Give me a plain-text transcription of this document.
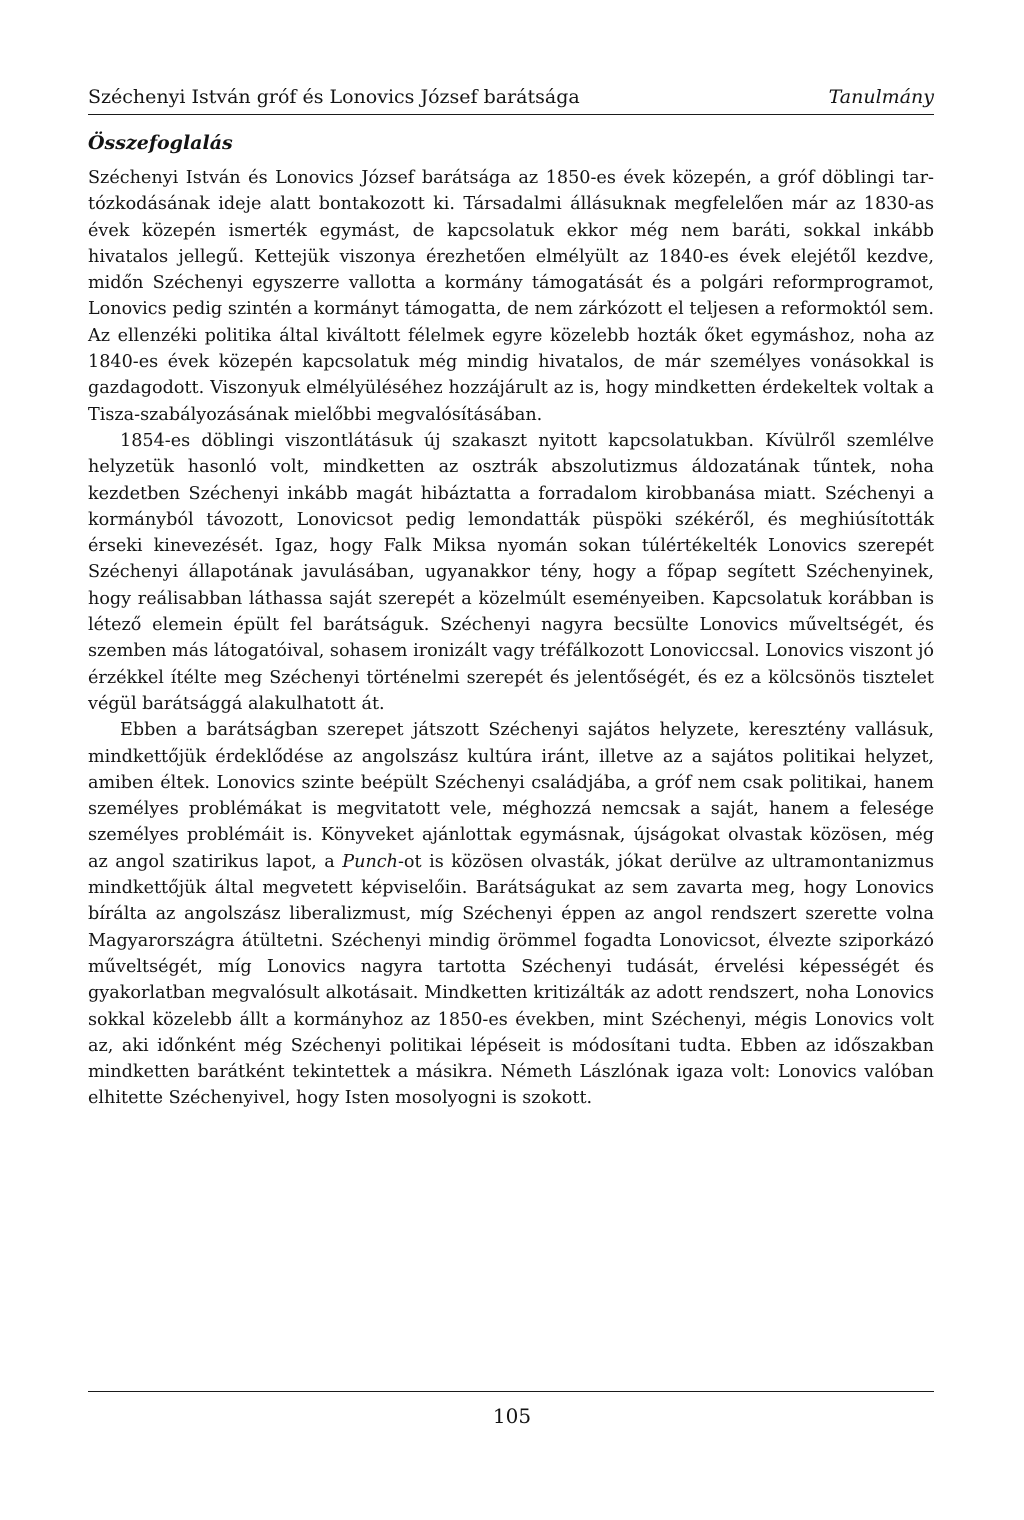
Széchenyi István gróf és Lonovics József barátsága	Tanulmány
Összefoglalás

Széchenyi István és Lonovics József barátsága az 1850-es évek közepén, a gróf döblingi tartózkodásának ideje alatt bontakozott ki. Társadalmi állásuknak megfelelően már az 1830-as évek közepén ismerték egymást, de kapcsolatuk ekkor még nem baráti, sokkal inkább hivatalos jellegű. Kettejük viszonya érezhetően elmélyült az 1840-es évek elejétől kezdve, midőn Széchenyi egyszerre vallotta a kormány támogatását és a polgári reformprogramot, Lonovics pedig szintén a kormányt támogatta, de nem zárkózott el teljesen a reformoktól sem. Az ellenzéki politika által kiváltott félelmek egyre közelebb hozták őket egymáshoz, noha az 1840-es évek közepén kapcsolatuk még mindig hivatalos, de már személyes vonásokkal is gazdagodott. Viszonyuk elmélyüléséhez hozzájárult az is, hogy mindketten érdekeltek voltak a Tisza-szabályozásának mielőbbi megvalósításában.

1854-es döblingi viszontlátásuk új szakaszt nyitott kapcsolatukban. Kívülről szemlélve helyzetük hasonló volt, mindketten az osztrák abszolutizmus áldozatának tűntek, noha kezdetben Széchenyi inkább magát hibáztatta a forradalom kirobbanása miatt. Széchenyi a kormányból távozott, Lonovicsot pedig lemondatták püspöki székéről, és meghiúsították érseki kinevezését. Igaz, hogy Falk Miksa nyomán sokan túlértékelték Lonovics szerepét Széchenyi állapotának javulásában, ugyanakkor tény, hogy a főpap segített Széchenyinek, hogy reálisabban láthassa saját szerepét a közelmúlt eseményeiben. Kapcsolatuk korábban is létező elemein épült fel barátságuk. Széchenyi nagyra becsülte Lonovics műveltségét, és szemben más látogatóival, sohasem ironizált vagy tréfálkozott Lonoviccsal. Lonovics viszont jó érzékkel ítélte meg Széchenyi történelmi szerepét és jelentőségét, és ez a kölcsönös tisztelet végül barátsággá alakulhatott át.

Ebben a barátságban szerepet játszott Széchenyi sajátos helyzete, keresztény vallásuk, mindkettőjük érdeklődése az angolszász kultúra iránt, illetve az a sajátos politikai helyzet, amiben éltek. Lonovics szinte beépült Széchenyi családjába, a gróf nem csak politikai, hanem személyes problémákat is megvitatott vele, méghozzá nemcsak a saját, hanem a felesége személyes problémáit is. Könyveket ajánlottak egymásnak, újságokat olvastak közösen, még az angol szatirikus lapot, a Punch-ot is közösen olvasták, jókat derülve az ultramontanizmus mindkettőjük által megvetett képviselőin. Barátságukat az sem zavarta meg, hogy Lonovics bírálta az angolszász liberalizmust, míg Széchenyi éppen az angol rendszert szerette volna Magyarországra átültetni. Széchenyi mindig örömmel fogadta Lonovicsot, élvezte sziporkázó műveltségét, míg Lonovics nagyra tartotta Széchenyi tudását, érvelési képességét és gyakorlatban megvalósult alkotásait. Mindketten kritizálták az adott rendszert, noha Lonovics sokkal közelebb állt a kormányhoz az 1850-es években, mint Széchenyi, mégis Lonovics volt az, aki időnként még Széchenyi politikai lépéseit is módosítani tudta. Ebben az időszakban mindketten barátként tekintettek a másikra. Németh Lászlónak igaza volt: Lonovics valóban elhitette Széchenyivel, hogy Isten mosolyogni is szokott.

105
